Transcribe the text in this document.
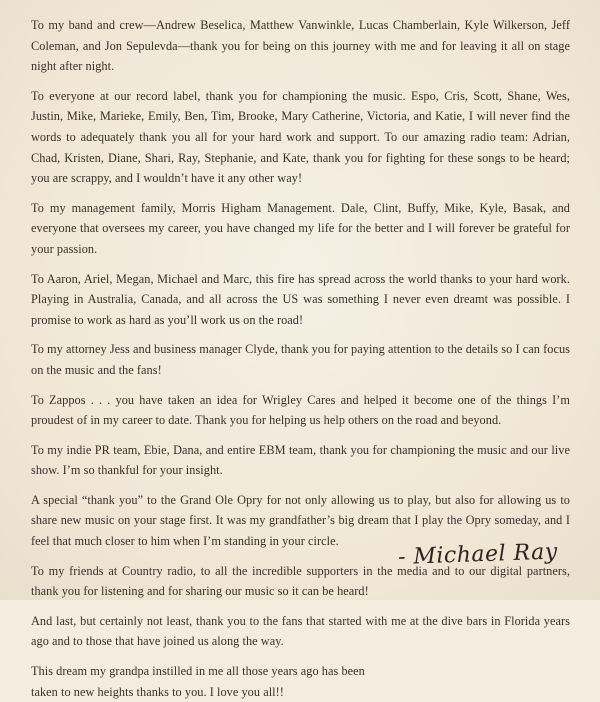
To my band and crew—Andrew Beselica, Matthew Vanwinkle, Lucas Chamberlain, Kyle Wilkerson, Jeff Coleman, and Jon Sepulevda—thank you for being on this journey with me and for leaving it all on stage night after night.

To everyone at our record label, thank you for championing the music. Espo, Cris, Scott, Shane, Wes, Justin, Mike, Marieke, Emily, Ben, Tim, Brooke, Mary Catherine, Victoria, and Katie, I will never find the words to adequately thank you all for your hard work and support. To our amazing radio team: Adrian, Chad, Kristen, Diane, Shari, Ray, Stephanie, and Kate, thank you for fighting for these songs to be heard; you are scrappy, and I wouldn’t have it any other way!

To my management family, Morris Higham Management. Dale, Clint, Buffy, Mike, Kyle, Basak, and everyone that oversees my career, you have changed my life for the better and I will forever be grateful for your passion.

To Aaron, Ariel, Megan, Michael and Marc, this fire has spread across the world thanks to your hard work. Playing in Australia, Canada, and all across the US was something I never even dreamt was possible. I promise to work as hard as you’ll work us on the road!

To my attorney Jess and business manager Clyde, thank you for paying attention to the details so I can focus on the music and the fans!

To Zappos . . . you have taken an idea for Wrigley Cares and helped it become one of the things I’m proudest of in my career to date. Thank you for helping us help others on the road and beyond.

To my indie PR team, Ebie, Dana, and entire EBM team, thank you for championing the music and our live show. I’m so thankful for your insight.

A special “thank you” to the Grand Ole Opry for not only allowing us to play, but also for allowing us to share new music on your stage first. It was my grandfather’s big dream that I play the Opry someday, and I feel that much closer to him when I’m standing in your circle.

To my friends at Country radio, to all the incredible supporters in the media and to our digital partners, thank you for listening and for sharing our music so it can be heard!

And last, but certainly not least, thank you to the fans that started with me at the dive bars in Florida years ago and to those that have joined us along the way.

This dream my grandpa instilled in me all those years ago has been taken to new heights thanks to you. I love you all!!

- Michael Ray
